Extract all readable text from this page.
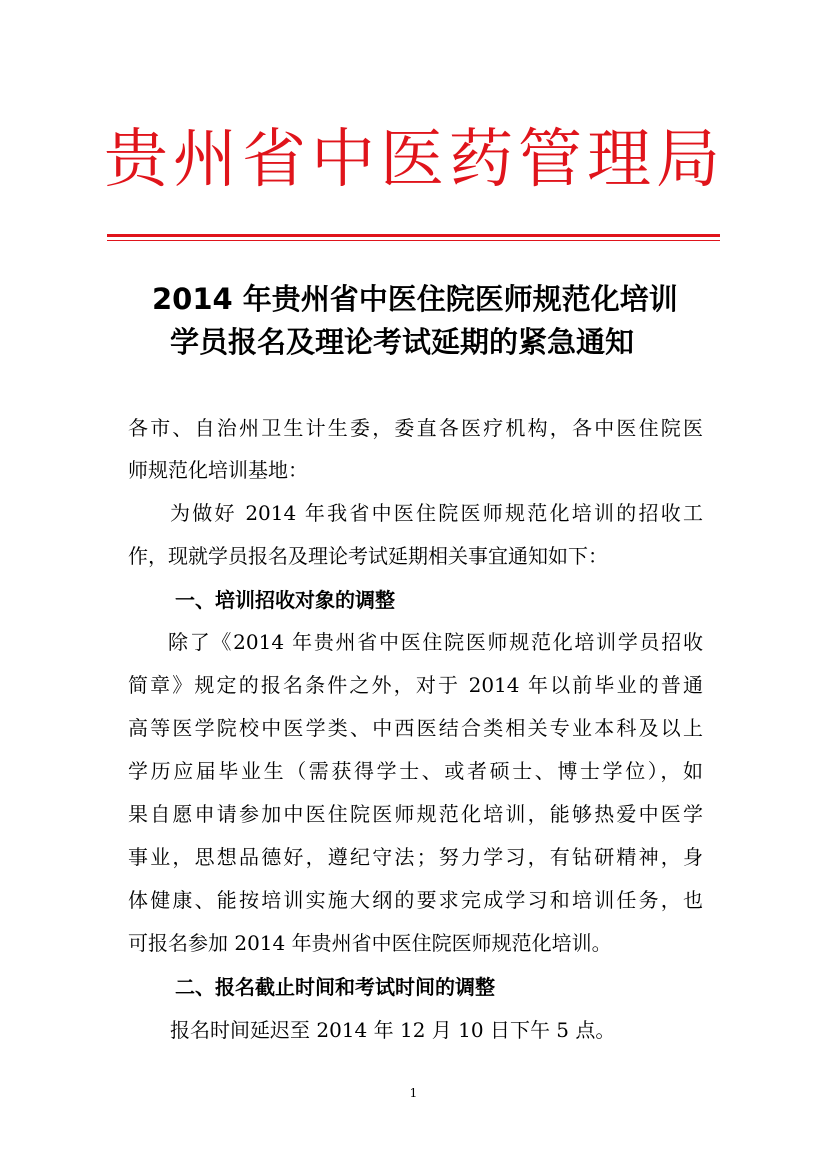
贵州省中医药管理局
2014 年贵州省中医住院医师规范化培训
学员报名及理论考试延期的紧急通知

各市、自治州卫生计生委，委直各医疗机构，各中医住院医

师规范化培训基地：

为做好 2014 年我省中医住院医师规范化培训的招收工

作，现就学员报名及理论考试延期相关事宜通知如下：

一、培训招收对象的调整

除了《2014 年贵州省中医住院医师规范化培训学员招收

简章》规定的报名条件之外，对于 2014 年以前毕业的普通

高等医学院校中医学类、中西医结合类相关专业本科及以上

学历应届毕业生（需获得学士、或者硕士、博士学位），如

果自愿申请参加中医住院医师规范化培训，能够热爱中医学

事业，思想品德好，遵纪守法；努力学习，有钻研精神，身

体健康、能按培训实施大纲的要求完成学习和培训任务，也

可报名参加 2014 年贵州省中医住院医师规范化培训。

二、报名截止时间和考试时间的调整

报名时间延迟至 2014 年 12 月 10 日下午 5 点。

1
